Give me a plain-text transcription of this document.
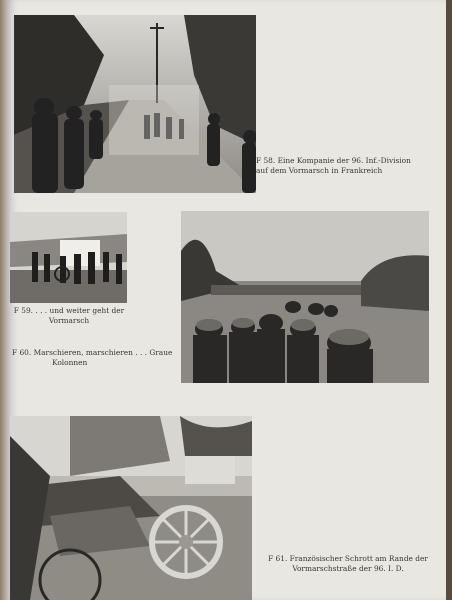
F 58. Eine Kompanie der 96. Inf.-Division
auf dem Vormarsch in Frankreich
F 59. . . . und weiter geht der
Vormarsch
F 60. Marschieren, marschieren . . . Graue
Kolonnen
F 61. Französischer Schrott am Rande der
Vormarschstraße der 96. I. D.
